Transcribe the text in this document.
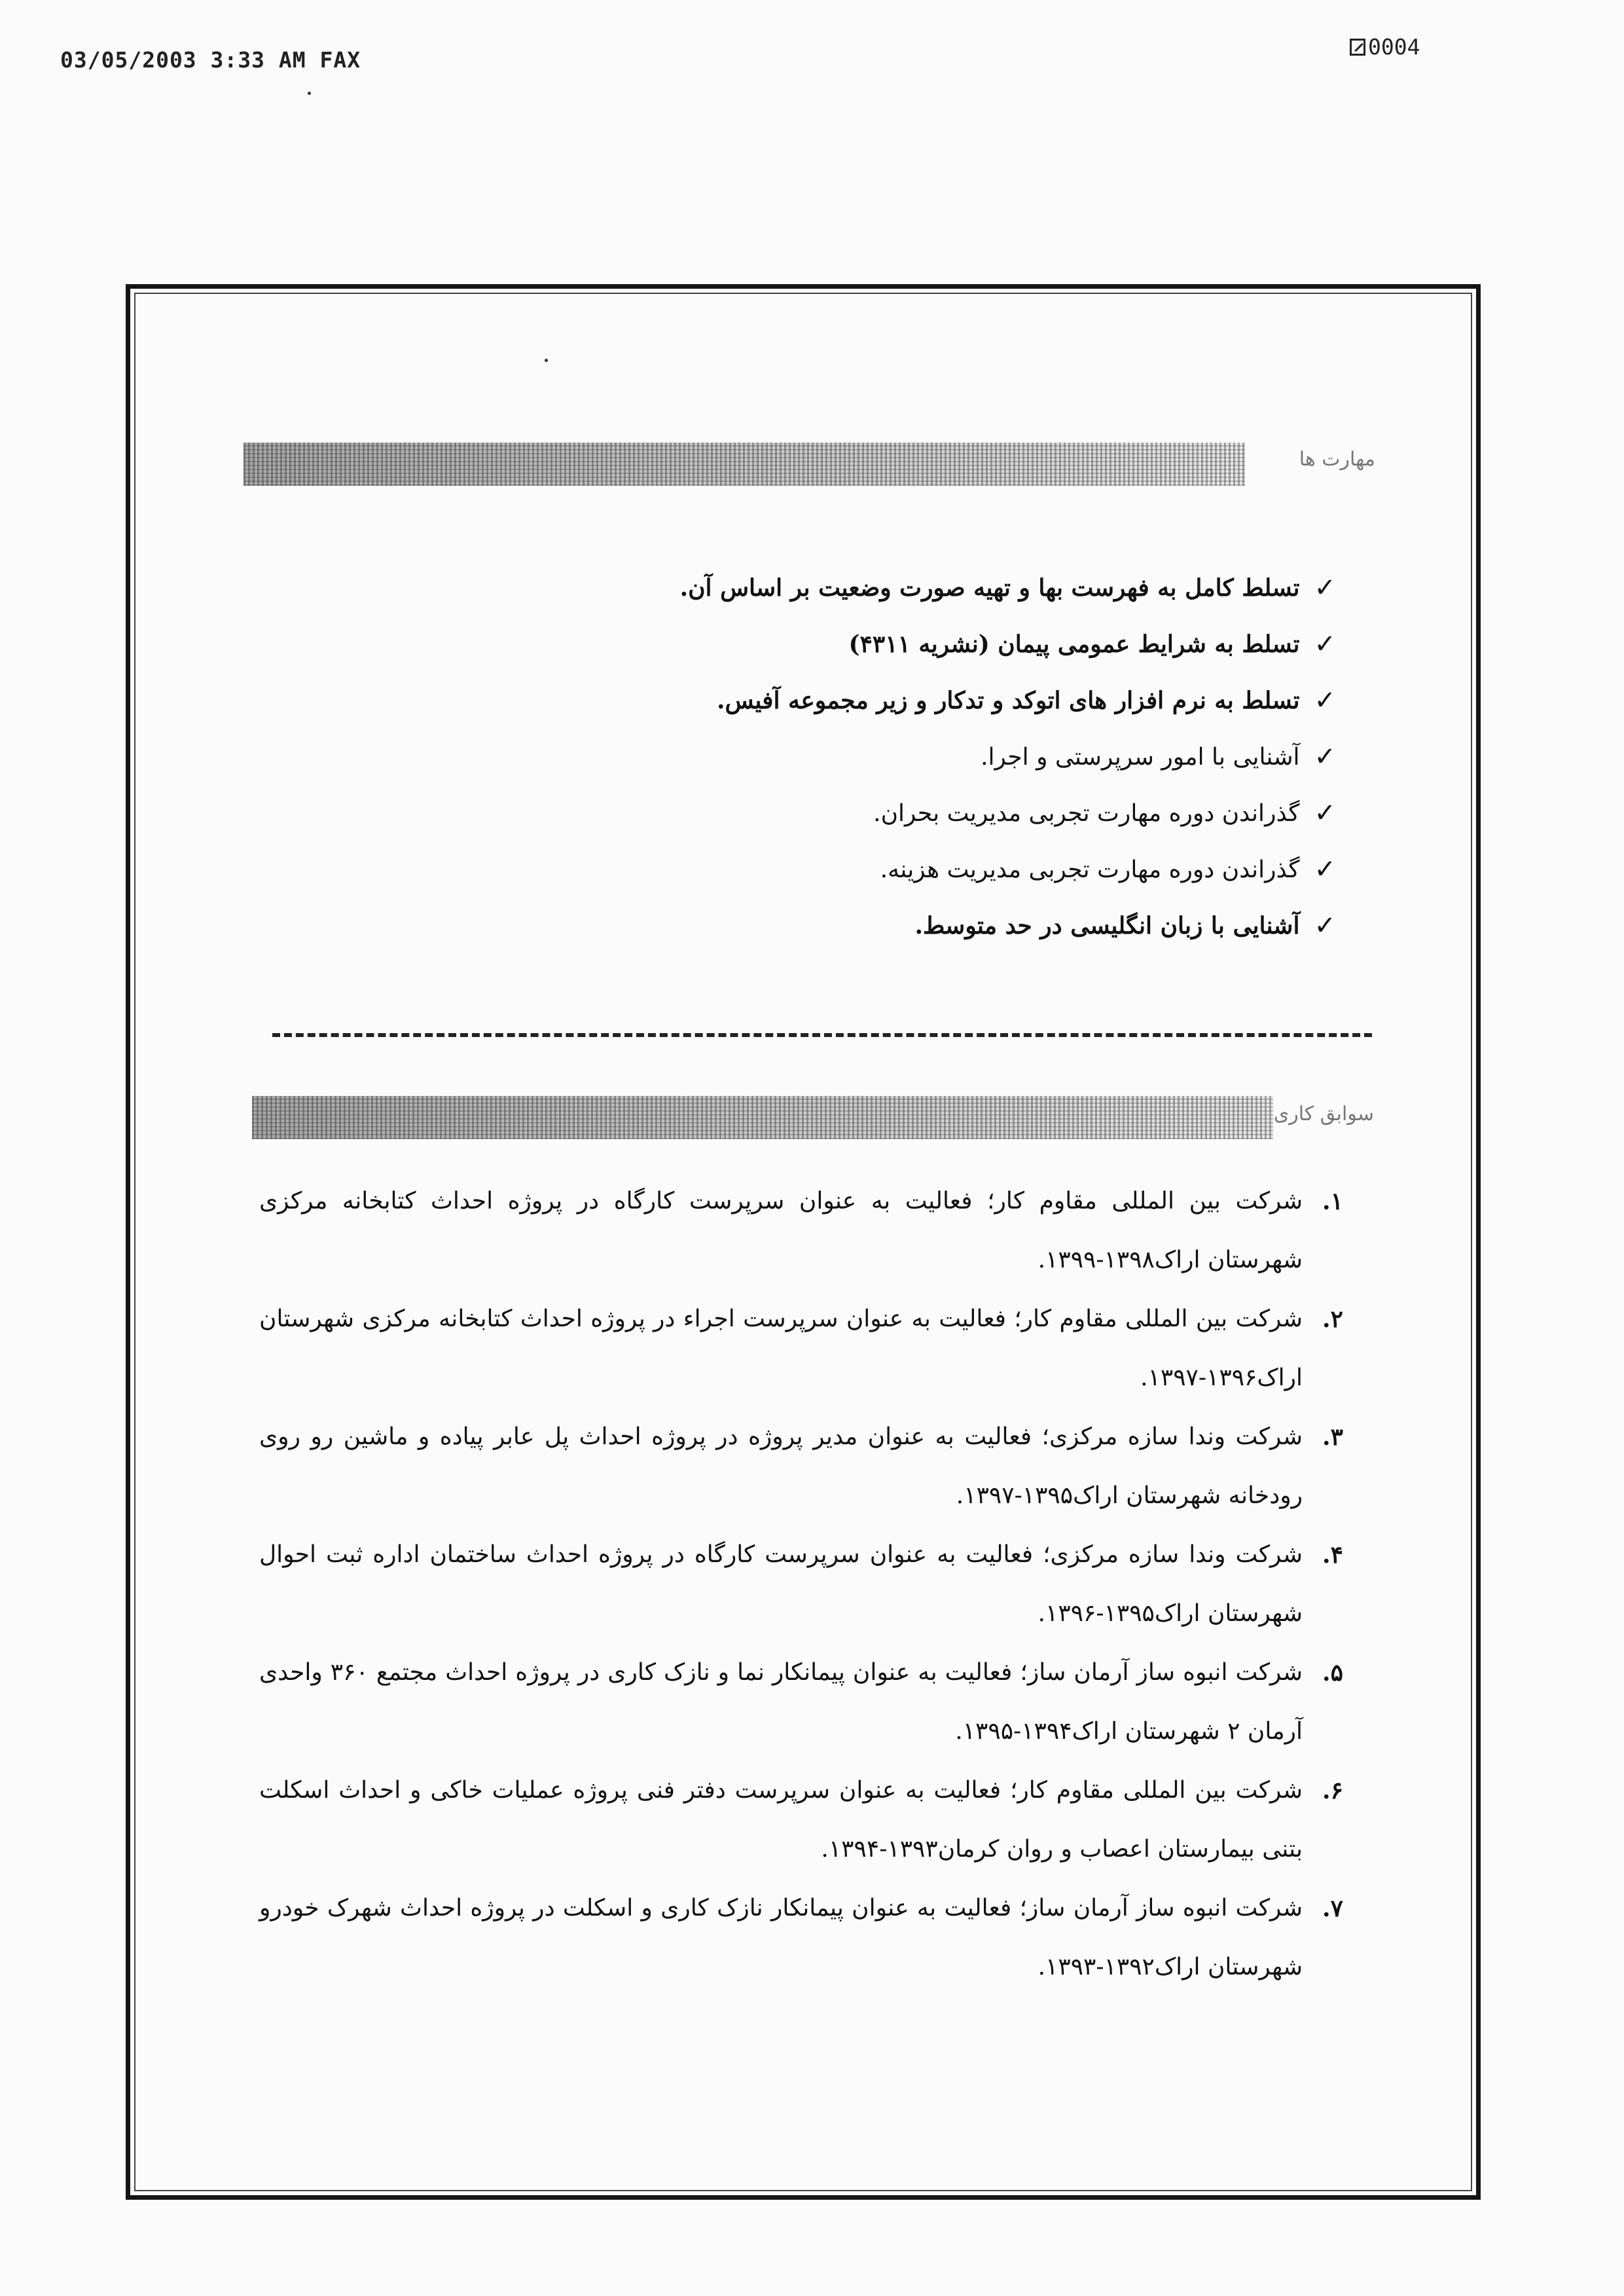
03/05/2003 3:33 AM FAX
0004
مهارت ها
✓
تسلط کامل به فهرست بها و تهیه صورت وضعیت بر اساس آن.
✓
تسلط به شرایط عمومی پیمان (نشریه ۴۳۱۱)
✓
تسلط به نرم افزار های اتوکد و تدکار و زیر مجموعه آفیس.
✓
آشنایی با امور سرپرستی و اجرا.
✓
گذراندن دوره مهارت تجربی مدیریت بحران.
✓
گذراندن دوره مهارت تجربی مدیریت هزینه.
✓
آشنایی با زبان انگلیسی در حد متوسط.
سوابق کاری
۱.
شرکت بین المللی مقاوم کار؛ فعالیت به عنوان سرپرست کارگاه در پروژه احداث کتابخانه مرکزی شهرستان اراک۱۳۹۸-۱۳۹۹.
۲.
شرکت بین المللی مقاوم کار؛ فعالیت به عنوان سرپرست اجراء در پروژه احداث کتابخانه مرکزی شهرستان اراک۱۳۹۶-۱۳۹۷.
۳.
شرکت وندا سازه مرکزی؛ فعالیت به عنوان مدیر پروژه در پروژه احداث پل عابر پیاده و ماشین رو روی رودخانه شهرستان اراک۱۳۹۵-۱۳۹۷.
۴.
شرکت وندا سازه مرکزی؛ فعالیت به عنوان سرپرست کارگاه در پروژه احداث ساختمان اداره ثبت احوال شهرستان اراک۱۳۹۵-۱۳۹۶.
۵.
شرکت انبوه ساز آرمان ساز؛ فعالیت به عنوان پیمانکار نما و نازک کاری در پروژه احداث مجتمع ۳۶۰ واحدی آرمان ۲ شهرستان اراک۱۳۹۴-۱۳۹۵.
۶.
شرکت بین المللی مقاوم کار؛ فعالیت به عنوان سرپرست دفتر فنی پروژه عملیات خاکی و احداث اسکلت بتنی بیمارستان اعصاب و روان کرمان۱۳۹۳-۱۳۹۴.
۷.
شرکت انبوه ساز آرمان ساز؛ فعالیت به عنوان پیمانکار نازک کاری و اسکلت در پروژه احداث شهرک خودرو شهرستان اراک۱۳۹۲-۱۳۹۳.
